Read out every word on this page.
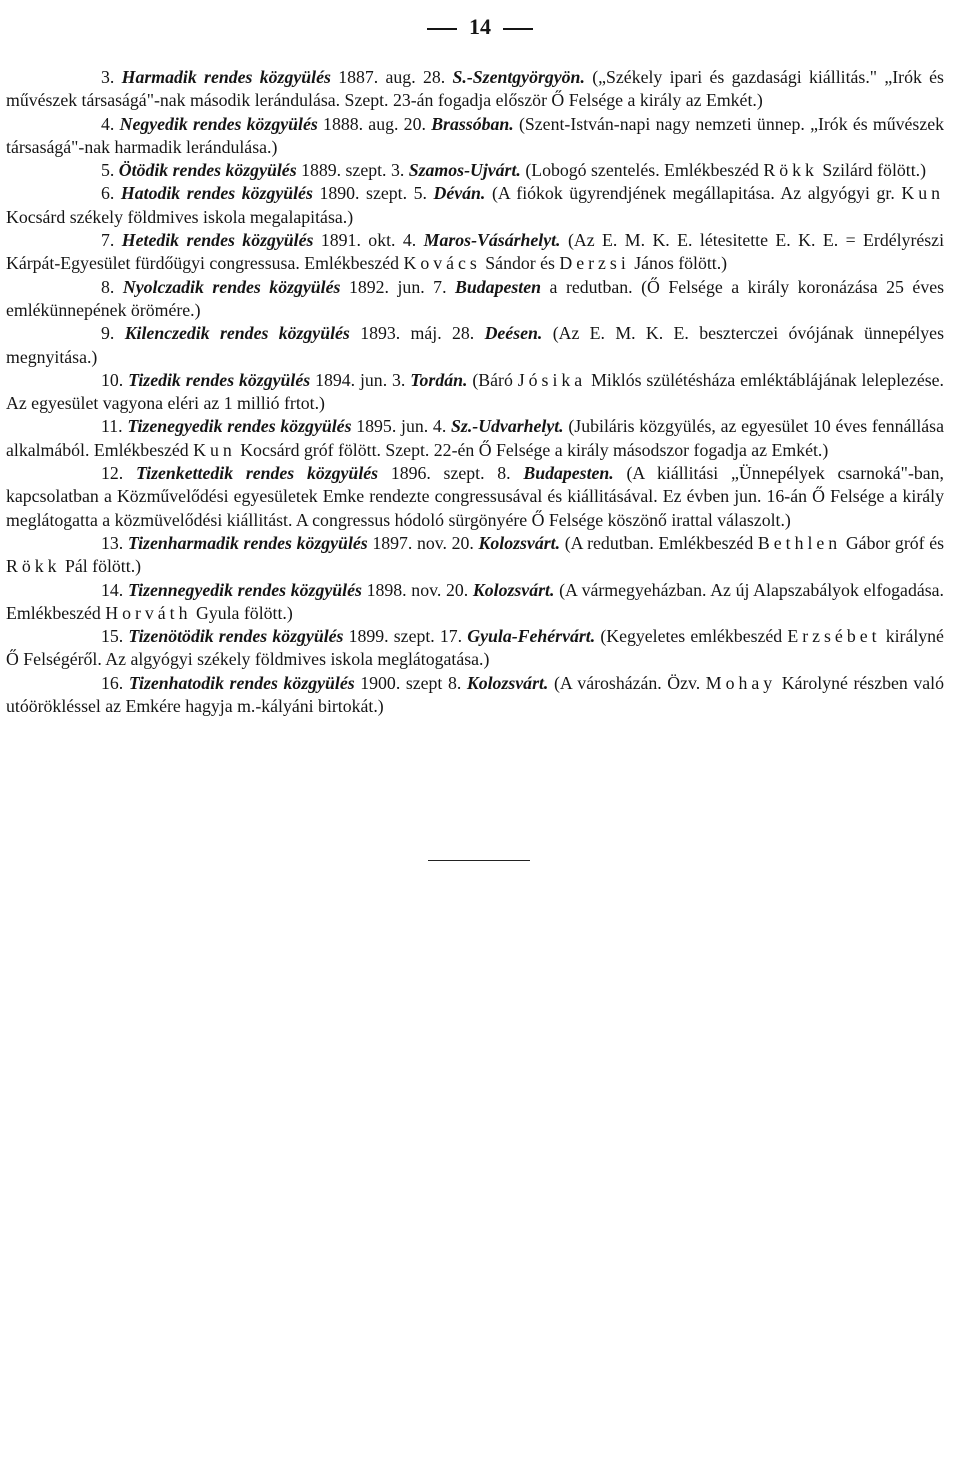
14

3. Harmadik rendes közgyülés 1887. aug. 28. S.-Szentgyörgyön. („Székely ipari és gazdasági kiállitás." „Irók és művészek társaságá"-nak második lerándulása. Szept. 23-án fogadja először Ő Felsége a király az Emkét.)

4. Negyedik rendes közgyülés 1888. aug. 20. Brassóban. (Szent-István-napi nagy nemzeti ünnep. „Irók és művészek társaságá"-nak harmadik lerándulása.)

5. Ötödik rendes közgyülés 1889. szept. 3. Szamos-Ujvárt. (Lobogó szentelés. Emlékbeszéd Rökk Szilárd fölött.)

6. Hatodik rendes közgyülés 1890. szept. 5. Déván. (A fiókok ügyrendjének megállapitása. Az algyógyi gr. Kun Kocsárd székely földmives iskola megalapitása.)

7. Hetedik rendes közgyülés 1891. okt. 4. Maros-Vásárhelyt. (Az E. M. K. E. létesitette E. K. E. = Erdélyrészi Kárpát-Egyesület fürdőügyi congressusa. Emlékbeszéd Kovács Sándor és Derzsi János fölött.)

8. Nyolczadik rendes közgyülés 1892. jun. 7. Budapesten a redutban. (Ő Felsége a király koronázása 25 éves emlékünnepének örömére.)

9. Kilenczedik rendes közgyülés 1893. máj. 28. Deésen. (Az E. M. K. E. beszterczei óvójának ünnepélyes megnyitása.)

10. Tizedik rendes közgyülés 1894. jun. 3. Tordán. (Báró Jósika Miklós szülétésháza emléktáblájának leleplezése. Az egyesület vagyona eléri az 1 millió frtot.)

11. Tizenegyedik rendes közgyülés 1895. jun. 4. Sz.-Udvarhelyt. (Jubiláris közgyülés, az egyesület 10 éves fennállása alkalmából. Emlékbeszéd Kun Kocsárd gróf fölött. Szept. 22-én Ő Felsége a király másodszor fogadja az Emkét.)

12. Tizenkettedik rendes közgyülés 1896. szept. 8. Budapesten. (A kiállitási „Ünnepélyek csarnoká"-ban, kapcsolatban a Közművelődési egyesületek Emke rendezte congressusával és kiállitásával. Ez évben jun. 16-án Ő Felsége a király meglátogatta a közmüvelődési kiállitást. A congressus hódoló sürgönyére Ő Felsége köszönő irattal válaszolt.)

13. Tizenharmadik rendes közgyülés 1897. nov. 20. Kolozsvárt. (A redutban. Emlékbeszéd Bethlen Gábor gróf és Rökk Pál fölött.)

14. Tizennegyedik rendes közgyülés 1898. nov. 20. Kolozsvárt. (A vármegyeházban. Az új Alapszabályok elfogadása. Emlékbeszéd Horváth Gyula fölött.)

15. Tizenötödik rendes közgyülés 1899. szept. 17. Gyula-Fehérvárt. (Kegyeletes emlékbeszéd Erzsébet királyné Ő Felségéről. Az algyógyi székely földmives iskola meglátogatása.)

16. Tizenhatodik rendes közgyülés 1900. szept 8. Kolozsvárt. (A városházán. Özv. Mohay Károlyné részben való utóörökléssel az Emkére hagyja m.-kályáni birtokát.)
